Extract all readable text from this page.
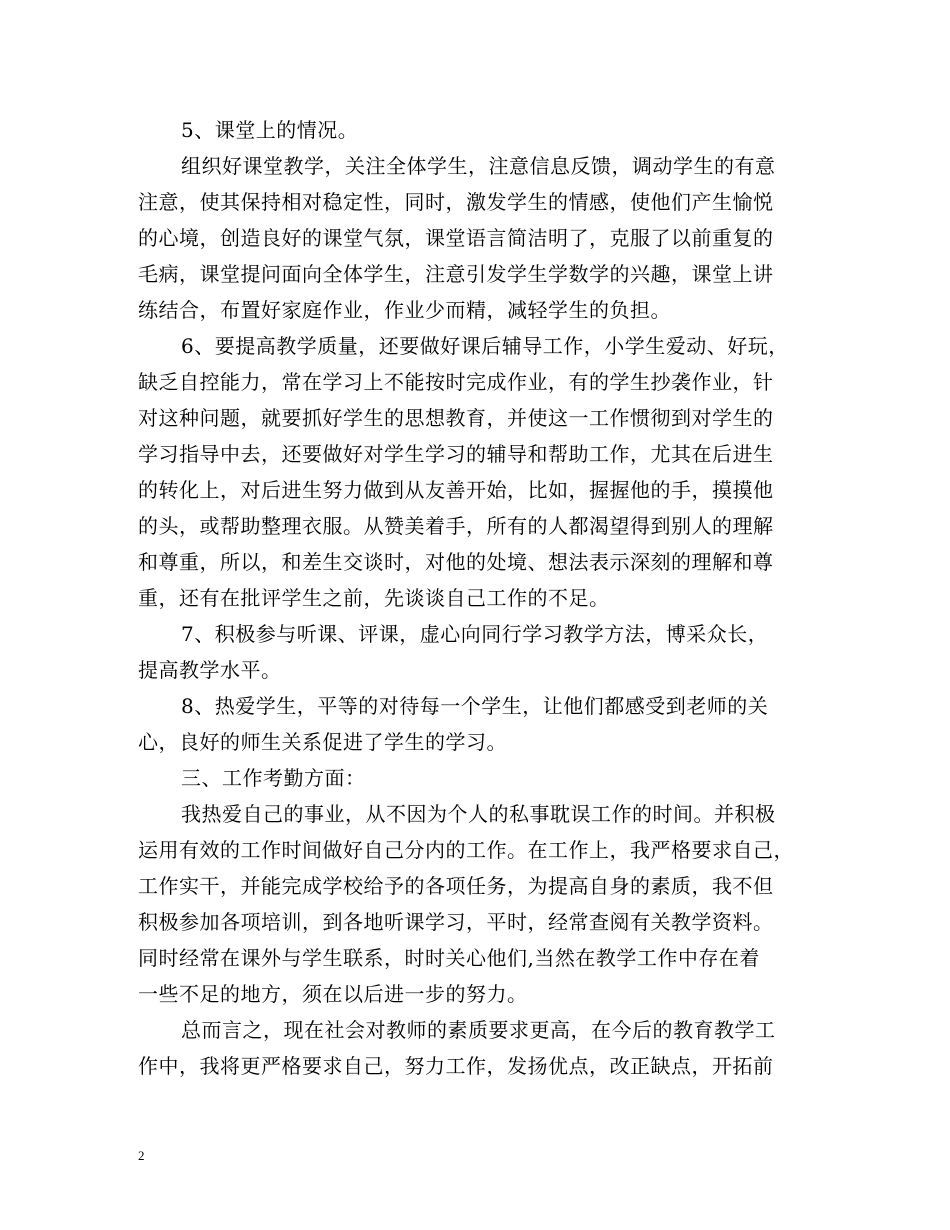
5、课堂上的情况。
组织好课堂教学，关注全体学生，注意信息反馈，调动学生的有意
注意，使其保持相对稳定性，同时，激发学生的情感，使他们产生愉悦
的心境，创造良好的课堂气氛，课堂语言简洁明了，克服了以前重复的
毛病，课堂提问面向全体学生，注意引发学生学数学的兴趣，课堂上讲
练结合，布置好家庭作业，作业少而精，减轻学生的负担。
6、要提高教学质量，还要做好课后辅导工作，小学生爱动、好玩，
缺乏自控能力，常在学习上不能按时完成作业，有的学生抄袭作业，针
对这种问题，就要抓好学生的思想教育，并使这一工作惯彻到对学生的
学习指导中去，还要做好对学生学习的辅导和帮助工作，尤其在后进生
的转化上，对后进生努力做到从友善开始，比如，握握他的手，摸摸他
的头，或帮助整理衣服。从赞美着手，所有的人都渴望得到别人的理解
和尊重，所以，和差生交谈时，对他的处境、想法表示深刻的理解和尊
重，还有在批评学生之前，先谈谈自己工作的不足。
7、积极参与听课、评课，虚心向同行学习教学方法，博采众长，
提高教学水平。
8、热爱学生，平等的对待每一个学生，让他们都感受到老师的关
心，良好的师生关系促进了学生的学习。
三、工作考勤方面：
我热爱自己的事业，从不因为个人的私事耽误工作的时间。并积极
运用有效的工作时间做好自己分内的工作。在工作上，我严格要求自己，
工作实干，并能完成学校给予的各项任务，为提高自身的素质，我不但
积极参加各项培训，到各地听课学习，平时，经常查阅有关教学资料。
同时经常在课外与学生联系，时时关心他们,当然在教学工作中存在着
一些不足的地方，须在以后进一步的努力。
总而言之，现在社会对教师的素质要求更高，在今后的教育教学工
作中，我将更严格要求自己，努力工作，发扬优点，改正缺点，开拓前
2
